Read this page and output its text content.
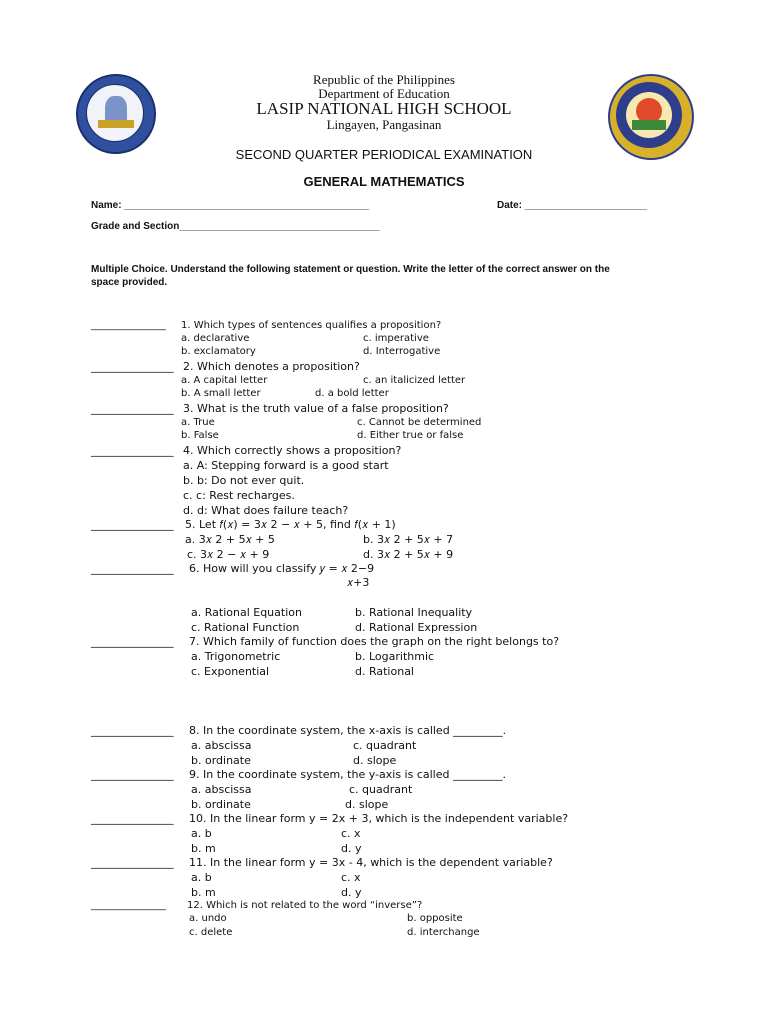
Republic of the Philippines
Department of Education
LASIP NATIONAL HIGH SCHOOL
Lingayen, Pangasinan
SECOND QUARTER PERIODICAL EXAMINATION
GENERAL MATHEMATICS
Name: ____________________________________________	Date: ______________________
Grade and Section____________________________________
Multiple Choice. Understand the following statement or question. Write the letter of the correct answer on the
space provided.
_______________ 1. Which types of sentences qualifies a proposition?
a. declarative	c. imperative
b. exclamatory	d. Interrogative
_______________ 2. Which denotes a proposition?
a. A capital letter	c. an italicized letter
b. A small letter	d. a bold letter
_______________ 3. What is the truth value of a false proposition?
a. True	c. Cannot be determined
b. False	d. Either true or false
_______________ 4. Which correctly shows a proposition?
a. A: Stepping forward is a good start
b. b: Do not ever quit.
c. c: Rest recharges.
d. d: What does failure teach?
_______________ 5. Let 𝑓(𝑥) = 3𝑥 2 − 𝑥 + 5, find 𝑓(𝑥 + 1)
a. 3𝑥 2 + 5𝑥 + 5	b. 3𝑥 2 + 5𝑥 + 7
c. 3𝑥 2 − 𝑥 + 9	d. 3𝑥 2 + 5𝑥 + 9
_______________ 6. How will you classify 𝑦 = 𝑥 2−9
𝑥+3
a. Rational Equation	b. Rational Inequality
c. Rational Function	d. Rational Expression
_______________ 7. Which family of function does the graph on the right belongs to?
a. Trigonometric	b. Logarithmic
c. Exponential	d. Rational
_______________ 8. In the coordinate system, the x-axis is called _________.
a. abscissa	c. quadrant
b. ordinate	d. slope
_______________ 9. In the coordinate system, the y-axis is called _________.
a. abscissa	c. quadrant
b. ordinate	d. slope
_______________ 10. In the linear form y = 2x + 3, which is the independent variable?
a. b	c. x
b. m	d. y
_______________ 11. In the linear form y = 3x - 4, which is the dependent variable?
a. b	c. x
b. m	d. y
_______________ 12. Which is not related to the word “inverse”?
a. undo	b. opposite
c. delete	d. interchange
